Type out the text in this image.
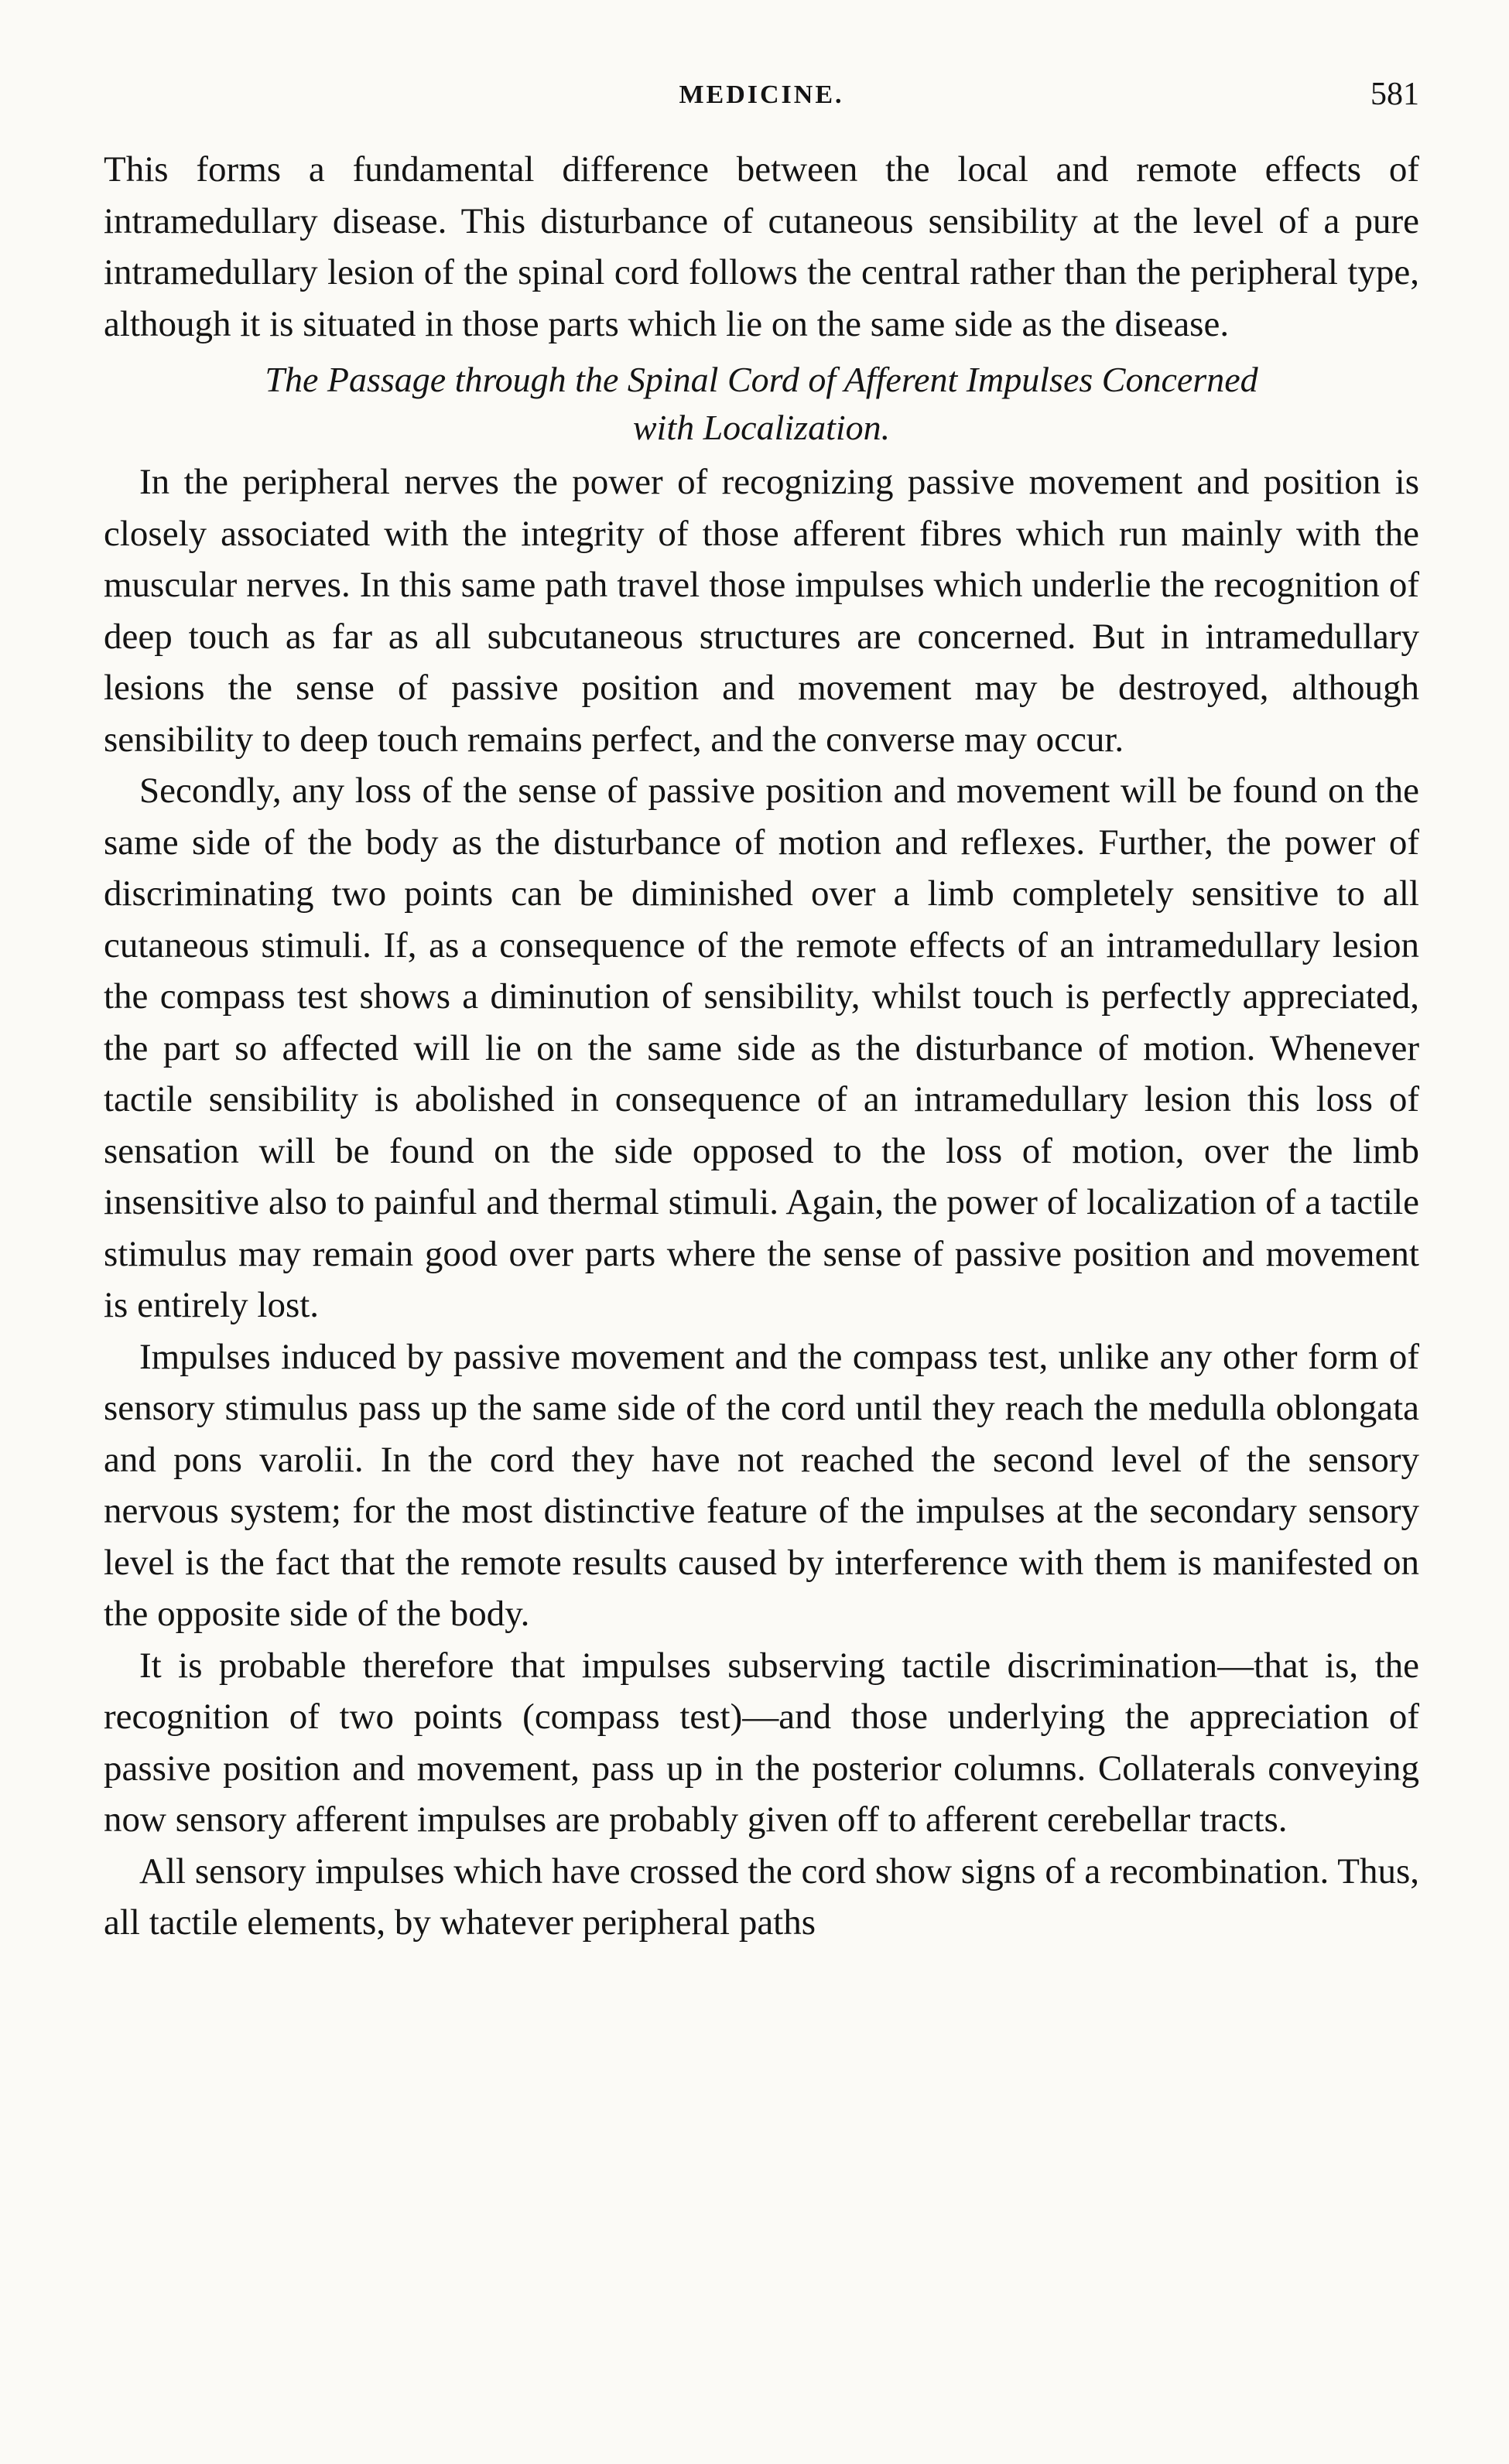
MEDICINE.	581

This forms a fundamental difference between the local and remote effects of intramedullary disease. This disturbance of cutaneous sensibility at the level of a pure intramedullary lesion of the spinal cord follows the central rather than the peripheral type, although it is situated in those parts which lie on the same side as the disease.

The Passage through the Spinal Cord of Afferent Impulses Concerned
with Localization.

In the peripheral nerves the power of recognizing passive movement and position is closely associated with the integrity of those afferent fibres which run mainly with the muscular nerves. In this same path travel those impulses which underlie the recognition of deep touch as far as all subcutaneous structures are concerned. But in intramedullary lesions the sense of passive position and movement may be destroyed, although sensibility to deep touch remains perfect, and the converse may occur.

Secondly, any loss of the sense of passive position and movement will be found on the same side of the body as the disturbance of motion and reflexes. Further, the power of discriminating two points can be diminished over a limb completely sensitive to all cutaneous stimuli. If, as a consequence of the remote effects of an intramedullary lesion the compass test shows a diminution of sensibility, whilst touch is perfectly appreciated, the part so affected will lie on the same side as the disturbance of motion. Whenever tactile sensibility is abolished in consequence of an intramedullary lesion this loss of sensation will be found on the side opposed to the loss of motion, over the limb insensitive also to painful and thermal stimuli. Again, the power of localization of a tactile stimulus may remain good over parts where the sense of passive position and movement is entirely lost.

Impulses induced by passive movement and the compass test, unlike any other form of sensory stimulus pass up the same side of the cord until they reach the medulla oblongata and pons varolii. In the cord they have not reached the second level of the sensory nervous system; for the most distinctive feature of the impulses at the secondary sensory level is the fact that the remote results caused by interference with them is manifested on the opposite side of the body.

It is probable therefore that impulses subserving tactile discrimination—that is, the recognition of two points (compass test)—and those underlying the appreciation of passive position and movement, pass up in the posterior columns. Collaterals conveying now sensory afferent impulses are probably given off to afferent cerebellar tracts.

All sensory impulses which have crossed the cord show signs of a recombination. Thus, all tactile elements, by whatever peripheral paths
